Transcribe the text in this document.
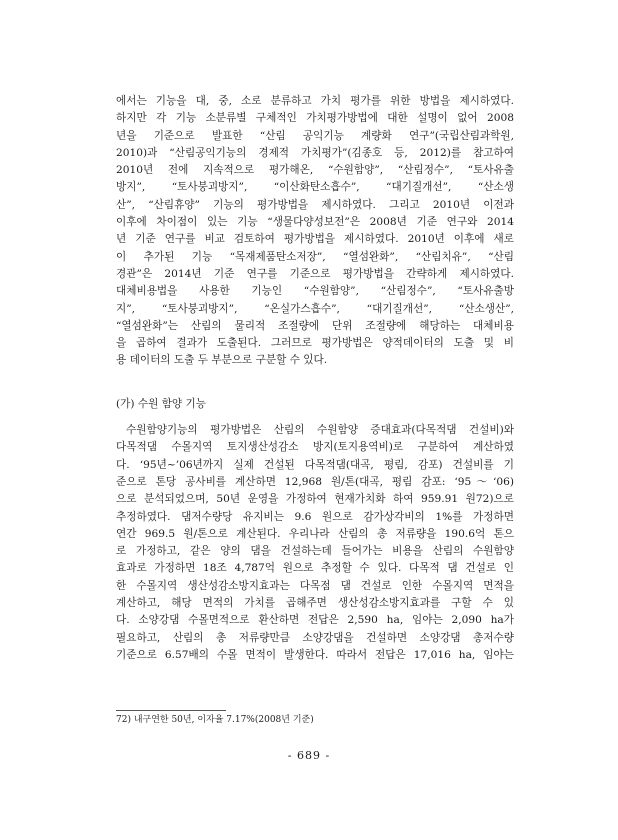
에서는 기능을 대, 중, 소로 분류하고 가치 평가를 위한 방법을 제시하였다.
하지만 각 기능 소분류별 구체적인 가치평가방법에 대한 설명이 없어 2008
년을 기준으로 발표한 “산림 공익기능 계량화 연구”(국립산림과학원,
2010)과 “산림공익기능의 경제적 가치평가”(김종호 등, 2012)를 참고하여
2010년 전에 지속적으로 평가해온, “수원함양”, “산림정수”, “토사유출
방지”, “토사붕괴방지”, “이산화탄소흡수”, “대기질개선”, “산소생
산”, “산림휴양” 기능의 평가방법을 제시하였다. 그리고 2010년 이전과
이후에 차이점이 있는 기능 “생물다양성보전”은 2008년 기준 연구와 2014
년 기준 연구를 비교 검토하여 평가방법을 제시하였다. 2010년 이후에 새로
이 추가된 기능 “목재제품탄소저장”, “열섬완화”, “산림치유”, “산림
경관”은 2014년 기준 연구를 기준으로 평가방법을 간략하게 제시하였다.
대체비용법을 사용한 기능인 “수원함양”, “산림정수”, “토사유출방
지”, “토사붕괴방지”, “온실가스흡수”, “대기질개선”, “산소생산”,
“열섬완화”는 산림의 물리적 조절량에 단위 조절량에 해당하는 대체비용
을 곱하여 결과가 도출된다. 그러므로 평가방법은 양적데이터의 도출 및 비
용 데이터의 도출 두 부분으로 구분할 수 있다.
(가) 수원 함양 기능
수원함양기능의 평가방법은 산림의 수원함양 증대효과(다목적댐 건설비)와
다목적댐 수몰지역 토지생산성감소 방지(토지용역비)로 구분하여 계산하였
다. ‘95년~’06년까지 실제 건설된 다목적댐(대곡, 평림, 감포) 건설비를 기
준으로 톤당 공사비를 계산하면 12,968 원/톤(대곡, 평림 감포: ‘95～‘06)
으로 분석되었으며, 50년 운영을 가정하여 현재가치화 하여 959.91 원72)으로
추정하였다. 댐저수량당 유지비는 9.6 원으로 감가상각비의 1%를 가정하면
연간 969.5 원/톤으로 계산된다. 우리나라 산림의 총 저류량을 190.6억 톤으
로 가정하고, 같은 양의 댐을 건설하는데 들어가는 비용을 산림의 수원함양
효과로 가정하면 18조 4,787억 원으로 추정할 수 있다. 다목적 댐 건설로 인
한 수몰지역 생산성감소방지효과는 다목점 댐 건설로 인한 수몰지역 면적을
계산하고, 해당 면적의 가치를 곱해주면 생산성감소방지효과를 구할 수 있
다. 소양강댐 수몰면적으로 환산하면 전답은 2,590 ha, 임야는 2,090 ha가
필요하고, 산림의 총 저류량만큼 소양강댐을 건설하면 소양강댐 총저수량
기준으로 6.57배의 수몰 면적이 발생한다. 따라서 전답은 17,016 ha, 임야는
72) 내구연한 50년, 이자율 7.17%(2008년 기준)
- 689 -
